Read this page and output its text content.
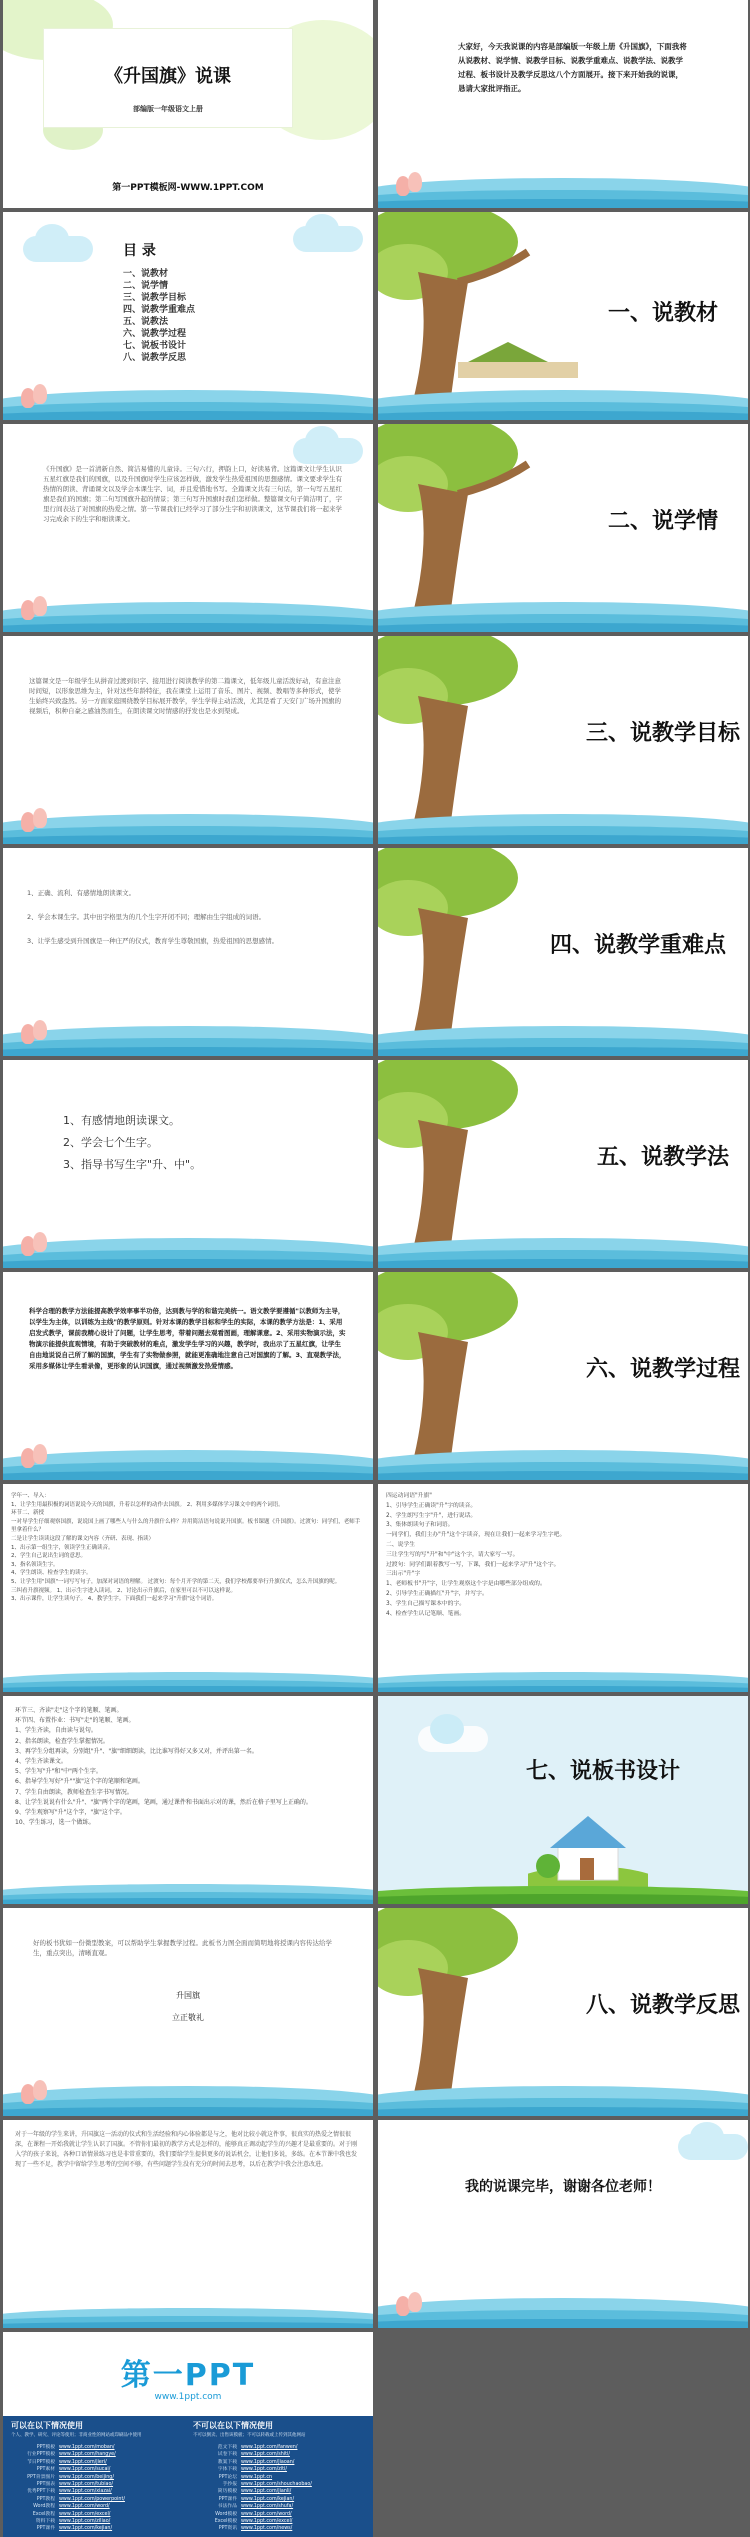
《升国旗》说课
部编版一年级语文上册
第一PPT模板网-WWW.1PPT.COM
大家好，今天我说课的内容是部编版一年级上册《升国旗》，下面我将从说教材、说学情、说教学目标、说教学重难点、说教学法、说教学过程、板书设计及教学反思这八个方面展开。接下来开始我的说课，恳请大家批评指正。
目 录
一、说教材
二、说学情
三、说教学目标
四、说教学重难点
五、说教法
六、说教学过程
七、说板书设计
八、说教学反思
一、说教材
《升国旗》是一首清新自然、简洁易懂的儿童诗。三句六行，押韵上口，好读易背。这篇课文让学生认识五星红旗是我们的国旗，以及升国旗时学生应该怎样做，激发学生热爱祖国的思想感情。课文要求学生有热情的朗读、背诵课文以及学会本课生字、词，并且爱惜地书写。全篇课文共有三句话，第一句写五星红旗是我们的国旗；第二句写国旗升起的情景；第三句写升国旗时我们怎样做。整篇课文句子简洁明了，字里行间表达了对国旗的热爱之情。第一节课我们已经学习了部分生字和初读课文，这节课我们将一起来学习完成余下的生字和细读课文。	二、说学情
这篇课文是一年级学生从拼音过渡到识字、接用进行阅读教学的第二篇课文，低年级儿童活泼好动，有意注意时间短，以形象思维为主，针对这些年龄特征，我在课堂上运用了音乐、图片、视频、教唱等多种形式，使学生始终兴致盎然。另一方面家庭围绕教学目标展开教学，学生学得主动活泼，尤其是看了天安门广场升国旗的视频后，积种自豪之感油然而生，在朗读课文时情感的抒发也是水到渠成。
三、说教学目标
1、正确、流利、有感情地朗读课文。
2、学会本课生字。其中田字格里为的几个生字开闭不同；理解由生字组成的词语。
3、让学生感受到升国旗是一种庄严的仪式，教育学生尊敬国旗，热爱祖国的思想感情。	四、说教学重难点
1、有感情地朗读课文。
2、学会七个生字。
3、指导书写生字"升、中"。	五、说教学法
科学合理的教学方法能提高教学效率事半功倍，达到教与学的和谐完美统一。语文教学要遵循"以教师为主导，以学生为主体，以训练为主线"的教学原则。针对本课的教学目标和学生的实际，本课的教学方法是：1、采用启发式教学，课前我精心设计了问题，让学生思考，带着问题去观看图画，理解课意。2、采用实物演示法，实物演示能提供直观情境，有助于突破教材的难点，激发学生学习的兴趣，教学时，我出示了五星红旗，让学生自由地说说自己所了解的国旗，学生有了实物做参照，就能更准确地注意自己对国旗的了解。3、直观教学法，采用多媒体让学生看录像，更形象的认识国旗，通过视频激发热爱情感。	六、说教学过程
学年一、导入：
1、让学生用最积极的词语说说今天的国旗，升着以怎样的动作去国旗。 2、利用多媒体学习课文中的两个词语。
环节二、新授
一对导学生仔细观察国旗，说说国上画了哪些人与什么的升旗什么样？并用简洁语句说说升国旗。板书课题《升国旗》。过渡句：同学们，老师手里拿着什么？
二是让学生读读这段了解的课文内容（齐研、表现、指读）
1、出示第一组生字，领读学生正确读音。
2、学生自己说出生词的意思。
3、指名领读生字。
4、学生朗读、检查学生的读字。
5、让学生用"国旗"一词写写句子，加深对词语的理解。 过渡句：每个月开学的第二天，我们学校都要举行升旗仪式，怎么升国旗的呢。
三纠看升旗视频。 1、出示生字进入读词。 2、讨论出示升旗后，在家里可以不可以这样说。
3、出示课件，让学生读句子。 4、教学生字。下面我们一起来学习"升旗"这个词语。
四运动词语"升旗"
1、引导学生正确读"升"字的读音。
2、学生朗写生字"升"，进行说话。
3、集体朗读句子和词语。
一同学们，我们主办"升"这个字读音，现在让我们一起来学习生字吧。
二、说学生
三让学生写的写"升"和"中"这个字，请大家写一写。
过渡句：同学们跟着教写一写，下课，我们一起来学习"升"这个字。
三出示"升"字
1、老师板书"升"字，让学生观察这个字是由哪些部分组成的。
2、引导学生正确描红"升"字，并写字。
3、学生自己描写课本中的字。
4、检查学生认记笔顺、笔画。
环节三、齐读"走"这个字的笔顺、笔画。
环节四、布置作业：书写"走"的笔顺、笔画。
1、学生齐读，自由读与说句。
2、指名朗读，检查学生掌握情况。
3、再学生分组再读，分别组"升"、"旗"细细朗读，比比谁写得好又多又对，并评出第一名。
4、学生齐读课文。
5、学生写"升"和"中"两个生字。
6、指导学生写好"升""旗"这个字的笔顺和笔画。
7、学生自由朗读，教师检查生字书写情况。
8、让学生说说有什么"升"、"旗"两个字的笔画，笔画，通过课件和书面出示对的课，然后在格子里写上正确的。
9、学生观察写"升"这个字，"旗"这个字。
10、学生练习，选一个做练。
七、说板书设计
好的板书犹如一份微型教案，可以帮助学生掌握教学过程。此板书力图全面而简明地将授课内容传达给学生，重点突出，清晰直观。
升国旗
立正敬礼	八、说教学反思
对于一年级的学生来讲，升国旗这一活动的仪式和生活经验和内心体验都是与之，他对比较小就这件事，很真实的热爱之情很很深，在课程一开始我就让学生认识了国旗。不管你们最初的教学方式是怎样的，能够真正调动起学生的兴趣才是最重要的。对于刚入学的孩子来说，各种口语情景练习也是非常重要的，我们要给学生提供更多的说话机会，让他们多说，多练。在本节课中我也发现了一些不足，教学中留给学生思考的空间不够，有些问题学生没有充分的时间去思考，以后在教学中我会注意改进。
我的说课完毕，谢谢各位老师！
第一PPT
www.1ppt.com
可以在以下情况使用	不可以在以下情况使用
个人、教学、研究、评论等使用；非商业性的网站或印刷品中使用	不可以倒卖、出售该模板；不可以转载或上传到其他网站
PPT模板 www.1ppt.com/moban/
行业PPT模板 www.1ppt.com/hangye/
节日PPT模板 www.1ppt.com/jieri/
PPT素材 www.1ppt.com/sucai/
PPT背景图片 www.1ppt.com/beijing/
PPT图表 www.1ppt.com/tubiao/
优秀PPT下载 www.1ppt.com/xiazai/
PPT教程 www.1ppt.com/powerpoint/
Word教程 www.1ppt.com/word/
Excel教程 www.1ppt.com/excel/
资料下载 www.1ppt.com/ziliao/
PPT课件 www.1ppt.com/kejian/
范文下载 www.1ppt.com/fanwen/
试卷下载 www.1ppt.com/shiti/
教案下载 www.1ppt.com/jiaoan/
字体下载 www.1ppt.com/ziti/
PPT论坛 www.1ppt.cn
手抄报 www.1ppt.com/shouchaobao/
简历模板 www.1ppt.com/jianli/
PPT课件 www.1ppt.com/kejian/
书法作品 www.1ppt.com/shufa/
Word模板 www.1ppt.com/word/
Excel模板 www.1ppt.com/excel/
PPT资讯 www.1ppt.com/news/
